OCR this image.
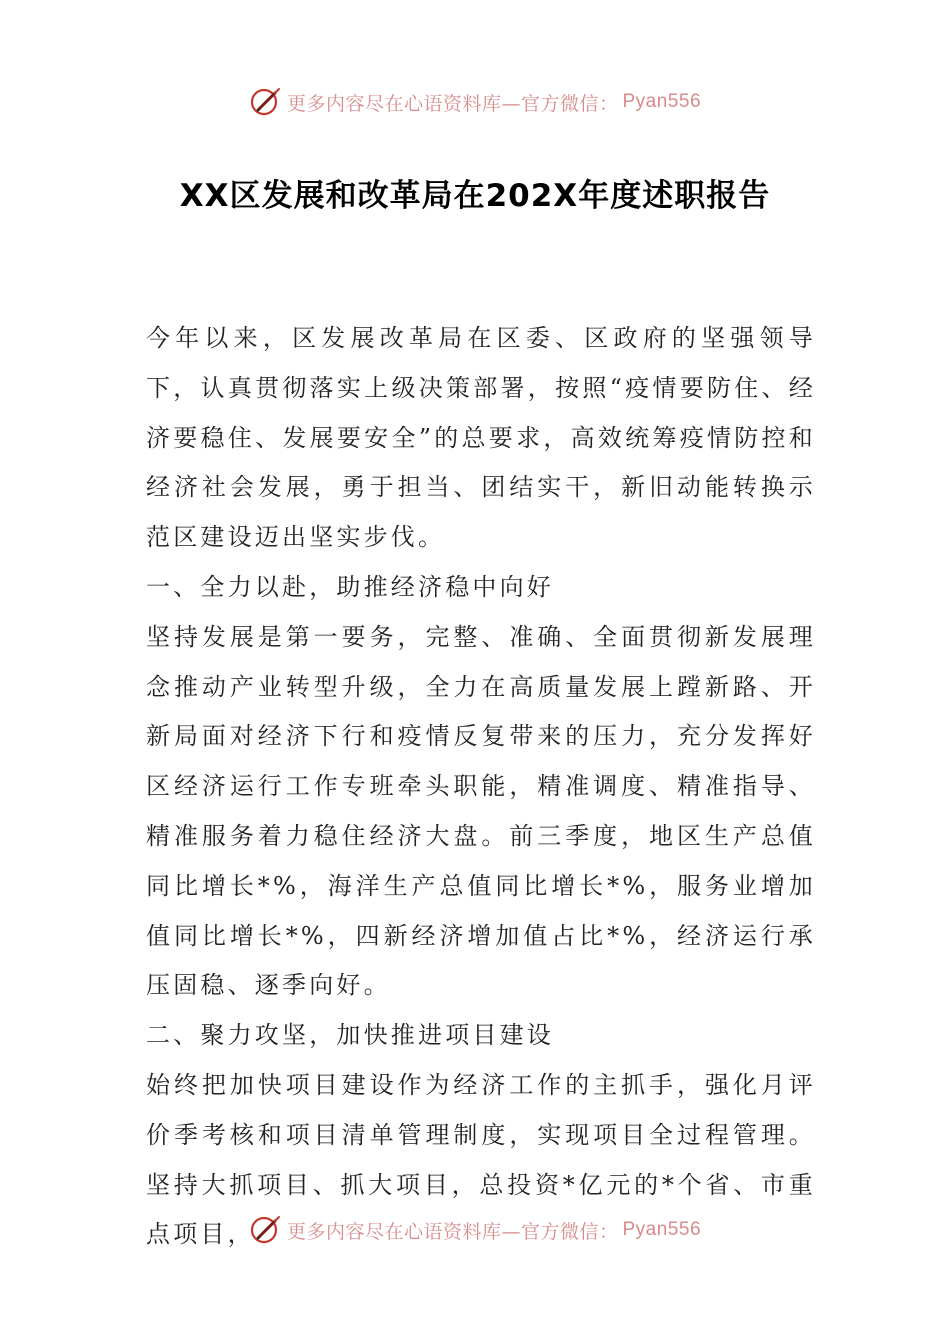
更多内容尽在心语资料库—官方微信： Pyan556
XX区发展和改革局在202X年度述职报告

今年以来，区发展改革局在区委、区政府的坚强领导下，认真贯彻落实上级决策部署，按照“疫情要防住、经济要稳住、发展要安全”的总要求，高效统筹疫情防控和经济社会发展，勇于担当、团结实干，新旧动能转换示范区建设迈出坚实步伐。

一、全力以赴，助推经济稳中向好

坚持发展是第一要务，完整、准确、全面贯彻新发展理念推动产业转型升级，全力在高质量发展上蹚新路、开新局面对经济下行和疫情反复带来的压力，充分发挥好区经济运行工作专班牵头职能，精准调度、精准指导、精准服务着力稳住经济大盘。前三季度，地区生产总值同比增长*%，海洋生产总值同比增长*%，服务业增加值同比增长*%，四新经济增加值占比*%，经济运行承压固稳、逐季向好。

二、聚力攻坚，加快推进项目建设

始终把加快项目建设作为经济工作的主抓手，强化月评价季考核和项目清单管理制度，实现项目全过程管理。坚持大抓项目、抓大项目，总投资*亿元的*个省、市重点项目，	更多内容尽在心语资料库—官方微信： Pyan556
